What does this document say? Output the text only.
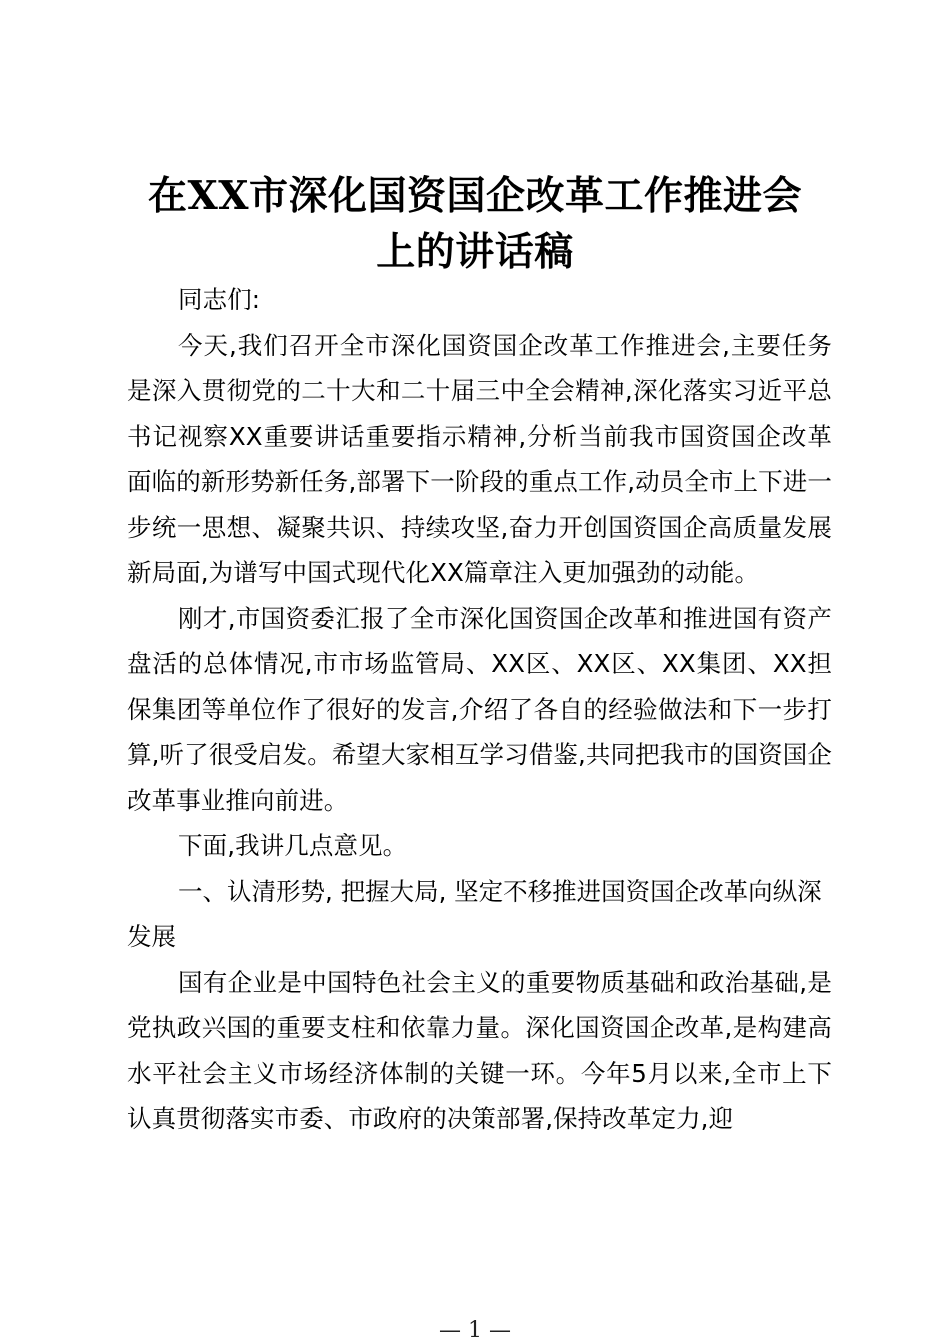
在XX市深化国资国企改革工作推进会
上的讲话稿

同志们:

今天,我们召开全市深化国资国企改革工作推进会,主要任务是深入贯彻党的二十大和二十届三中全会精神,深化落实习近平总书记视察XX重要讲话重要指示精神,分析当前我市国资国企改革面临的新形势新任务,部署下一阶段的重点工作,动员全市上下进一步统一思想、凝聚共识、持续攻坚,奋力开创国资国企高质量发展新局面,为谱写中国式现代化XX篇章注入更加强劲的动能。

刚才,市国资委汇报了全市深化国资国企改革和推进国有资产盘活的总体情况,市市场监管局、XX区、XX区、XX集团、XX担保集团等单位作了很好的发言,介绍了各自的经验做法和下一步打算,听了很受启发。希望大家相互学习借鉴,共同把我市的国资国企改革事业推向前进。

下面,我讲几点意见。

一、认清形势, 把握大局, 坚定不移推进国资国企改革向纵深发展

国有企业是中国特色社会主义的重要物质基础和政治基础,是党执政兴国的重要支柱和依靠力量。深化国资国企改革,是构建高水平社会主义市场经济体制的关键一环。今年5月以来,全市上下认真贯彻落实市委、市政府的决策部署,保持改革定力,迎

— 1 —
